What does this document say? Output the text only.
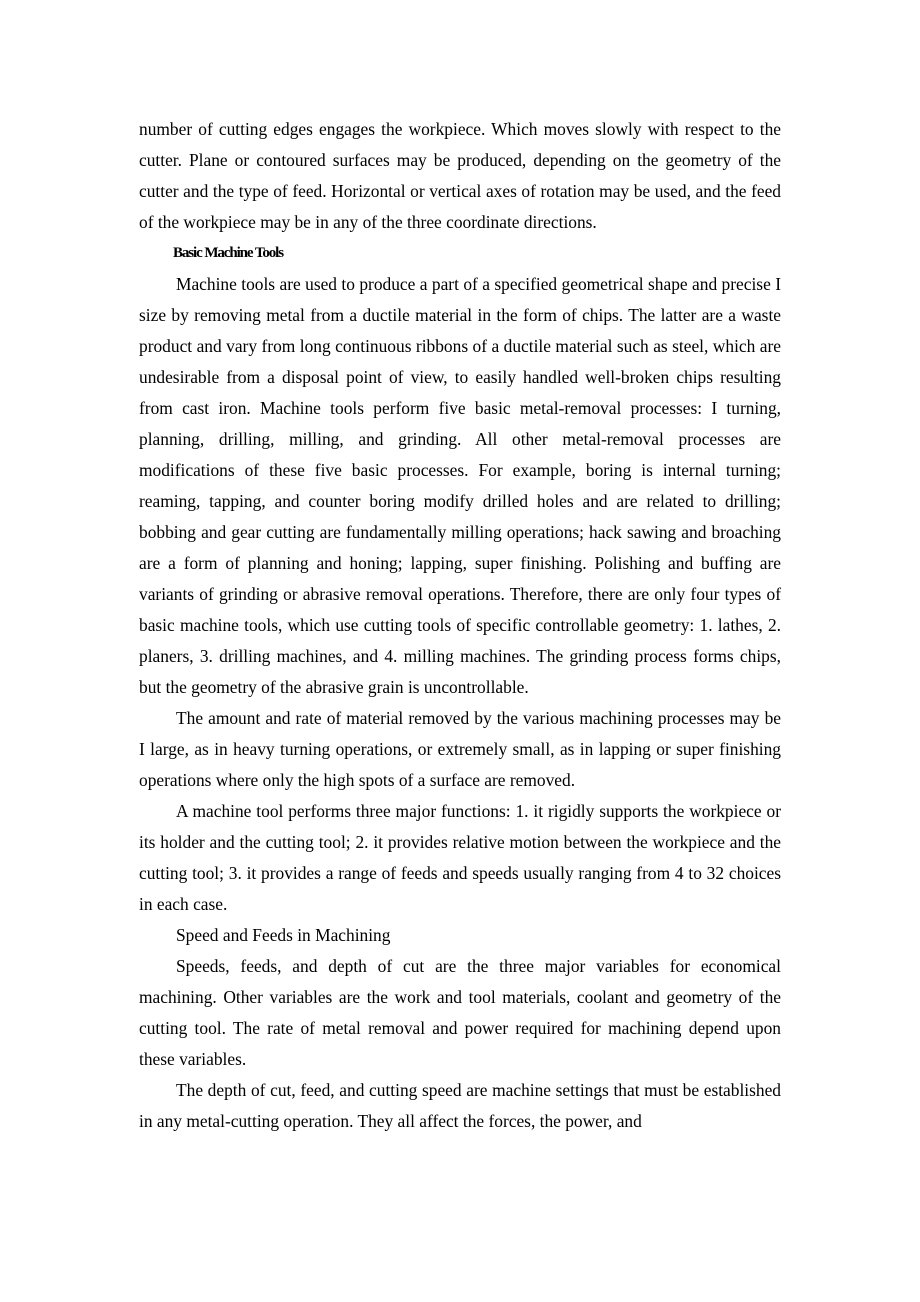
number of cutting edges engages the workpiece. Which moves slowly with respect to the cutter. Plane or contoured surfaces may be produced, depending on the geometry of the cutter and the type of feed. Horizontal or vertical axes of rotation may be used, and the feed of the workpiece may be in any of the three coordinate directions.

Basic Machine Tools

Machine tools are used to produce a part of a specified geometrical shape and precise I size by removing metal from a ductile material in the form of chips. The latter are a waste product and vary from long continuous ribbons of a ductile material such as steel, which are undesirable from a disposal point of view, to easily handled well-broken chips resulting from cast iron. Machine tools perform five basic metal-removal processes: I turning, planning, drilling, milling, and grinding. All other metal-removal processes are modifications of these five basic processes. For example, boring is internal turning; reaming, tapping, and counter boring modify drilled holes and are related to drilling; bobbing and gear cutting are fundamentally milling operations; hack sawing and broaching are a form of planning and honing; lapping, super finishing. Polishing and buffing are variants of grinding or abrasive removal operations. Therefore, there are only four types of basic machine tools, which use cutting tools of specific controllable geometry: 1. lathes, 2. planers, 3. drilling machines, and 4. milling machines. The grinding process forms chips, but the geometry of the abrasive grain is uncontrollable.

The amount and rate of material removed by the various machining processes may be I large, as in heavy turning operations, or extremely small, as in lapping or super finishing operations where only the high spots of a surface are removed.

A machine tool performs three major functions: 1. it rigidly supports the workpiece or its holder and the cutting tool; 2. it provides relative motion between the workpiece and the cutting tool; 3. it provides a range of feeds and speeds usually ranging from 4 to 32 choices in each case.

Speed and Feeds in Machining

Speeds, feeds, and depth of cut are the three major variables for economical machining. Other variables are the work and tool materials, coolant and geometry of the cutting tool. The rate of metal removal and power required for machining depend upon these variables.

The depth of cut, feed, and cutting speed are machine settings that must be established in any metal-cutting operation. They all affect the forces, the power, and
